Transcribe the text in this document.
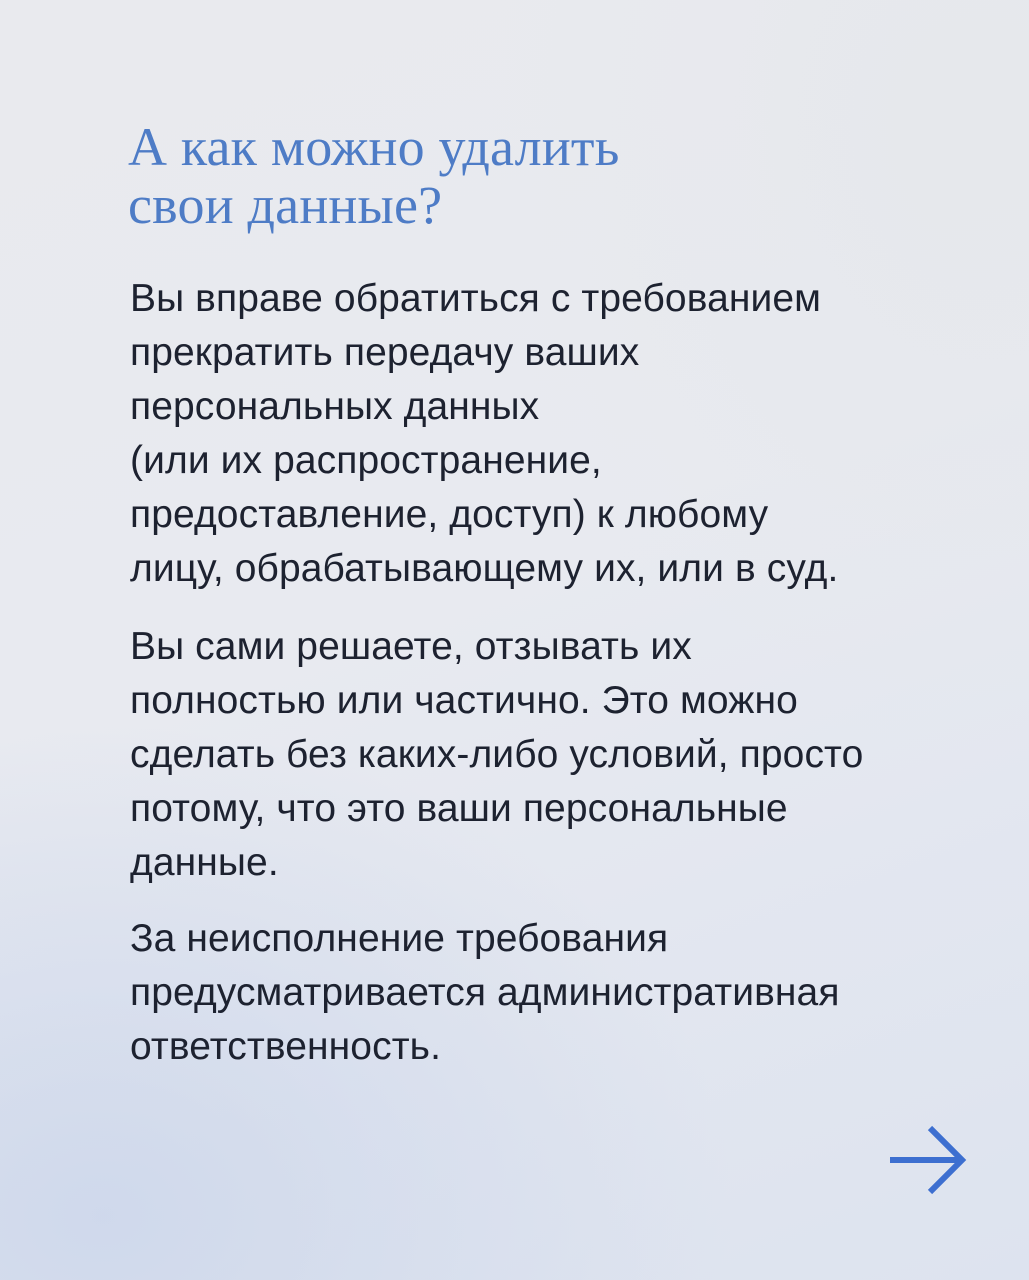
А как можно удалить
свои данные?

Вы вправе обратиться с требованием
прекратить передачу ваших
персональных данных
(или их распространение,
предоставление, доступ) к любому
лицу, обрабатывающему их, или в суд.

Вы сами решаете, отзывать их
полностью или частично. Это можно
сделать без каких-либо условий, просто
потому, что это ваши персональные
данные.

За неисполнение требования
предусматривается административная
ответственность.
